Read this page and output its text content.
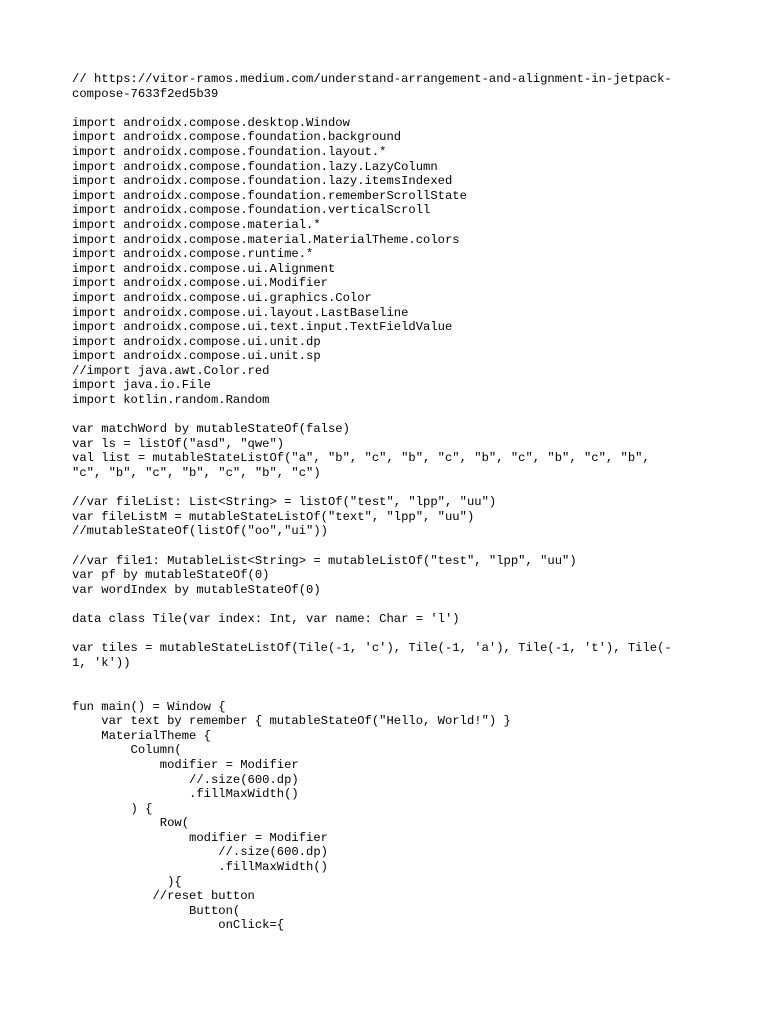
// https://vitor-ramos.medium.com/understand-arrangement-and-alignment-in-jetpack-
compose-7633f2ed5b39
import androidx.compose.desktop.Window
import androidx.compose.foundation.background
import androidx.compose.foundation.layout.*
import androidx.compose.foundation.lazy.LazyColumn
import androidx.compose.foundation.lazy.itemsIndexed
import androidx.compose.foundation.rememberScrollState
import androidx.compose.foundation.verticalScroll
import androidx.compose.material.*
import androidx.compose.material.MaterialTheme.colors
import androidx.compose.runtime.*
import androidx.compose.ui.Alignment
import androidx.compose.ui.Modifier
import androidx.compose.ui.graphics.Color
import androidx.compose.ui.layout.LastBaseline
import androidx.compose.ui.text.input.TextFieldValue
import androidx.compose.ui.unit.dp
import androidx.compose.ui.unit.sp
//import java.awt.Color.red
import java.io.File
import kotlin.random.Random
var matchWord by mutableStateOf(false)
var ls = listOf("asd", "qwe")
val list = mutableStateListOf("a", "b", "c", "b", "c", "b", "c", "b", "c", "b",
"c", "b", "c", "b", "c", "b", "c")
//var fileList: List<String> = listOf("test", "lpp", "uu")
var fileListM = mutableStateListOf("text", "lpp", "uu")
//mutableStateOf(listOf("oo","ui"))
//var file1: MutableList<String> = mutableListOf("test", "lpp", "uu")
var pf by mutableStateOf(0)
var wordIndex by mutableStateOf(0)
data class Tile(var index: Int, var name: Char = 'l')
var tiles = mutableStateListOf(Tile(-1, 'c'), Tile(-1, 'a'), Tile(-1, 't'), Tile(-
1, 'k'))
fun main() = Window {
var text by remember { mutableStateOf("Hello, World!") }
MaterialTheme {
Column(
modifier = Modifier
//.size(600.dp)
.fillMaxWidth()
) {
Row(
modifier = Modifier
//.size(600.dp)
.fillMaxWidth()
){
//reset button
Button(
onClick={
